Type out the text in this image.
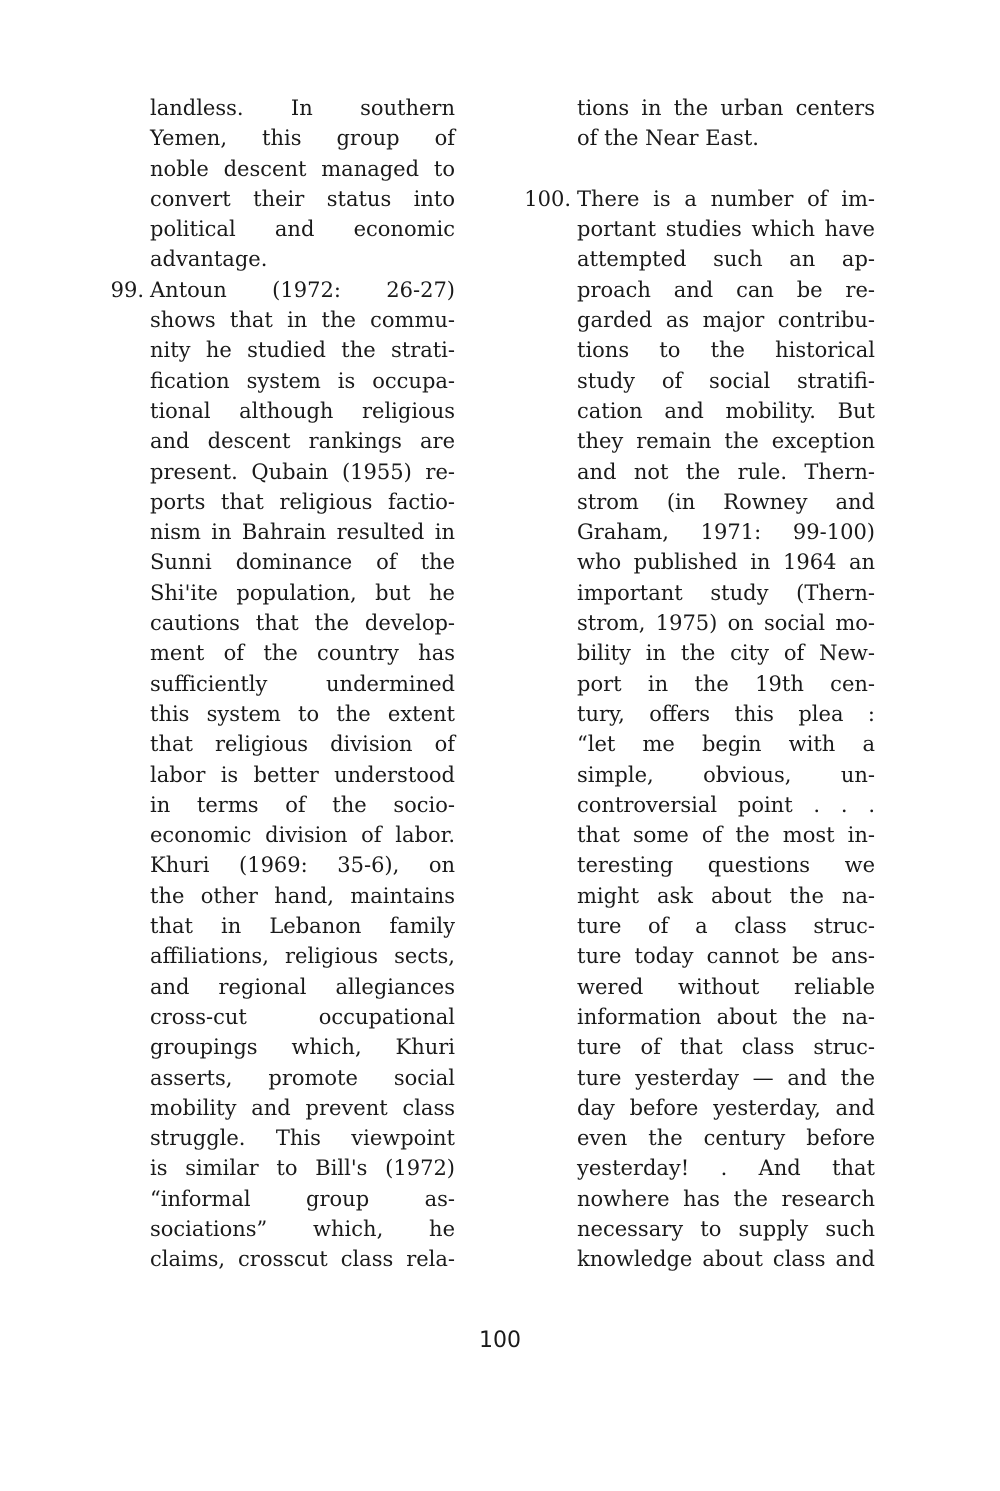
landless. In southern
Yemen, this group of
noble descent managed to
convert their status into
political and economic
advantage.
99. Antoun (1972: 26-27)
shows that in the commu-
nity he studied the strati-
fication system is occupa-
tional although religious
and descent rankings are
present. Qubain (1955) re-
ports that religious factio-
nism in Bahrain resulted in
Sunni dominance of the
Shi'ite population, but he
cautions that the develop-
ment of the country has
sufficiently undermined
this system to the extent
that religious division of
labor is better understood
in terms of the socio-
economic division of labor.
Khuri (1969: 35-6), on
the other hand, maintains
that in Lebanon family
affiliations, religious sects,
and regional allegiances
cross-cut occupational
groupings which, Khuri
asserts, promote social
mobility and prevent class
struggle. This viewpoint
is similar to Bill's (1972)
“informal group as-
sociations” which, he
claims, crosscut class rela-
tions in the urban centers
of the Near East.
100. There is a number of im-
portant studies which have
attempted such an ap-
proach and can be re-
garded as major contribu-
tions to the historical
study of social stratifi-
cation and mobility. But
they remain the exception
and not the rule. Thern-
strom (in Rowney and
Graham, 1971: 99-100)
who published in 1964 an
important study (Thern-
strom, 1975) on social mo-
bility in the city of New-
port in the 19th cen-
tury, offers this plea :
“let me begin with a
simple, obvious, un-
controversial point . . .
that some of the most in-
teresting questions we
might ask about the na-
ture of a class struc-
ture today cannot be ans-
wered without reliable
information about the na-
ture of that class struc-
ture yesterday — and the
day before yesterday, and
even the century before
yesterday! . And that
nowhere has the research
necessary to supply such
knowledge about class and
100
